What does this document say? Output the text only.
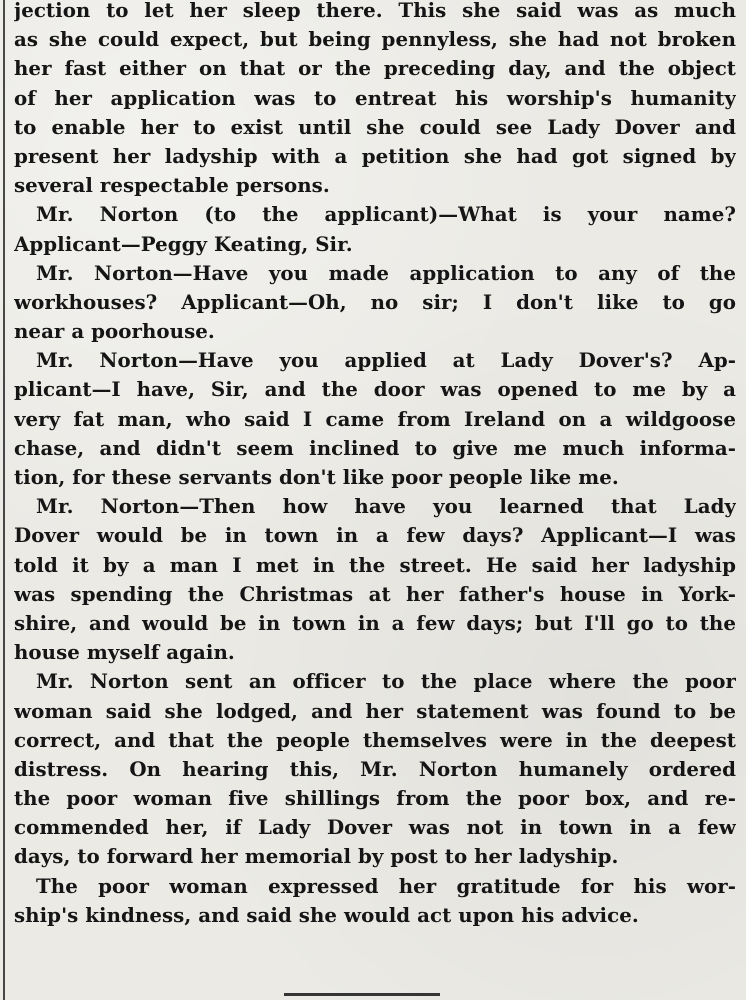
jection to let her sleep there. This she said was as much
as she could expect, but being pennyless, she had not broken
her fast either on that or the preceding day, and the object
of her application was to entreat his worship's humanity
to enable her to exist until she could see Lady Dover and
present her ladyship with a petition she had got signed by
several respectable persons.
Mr. Norton (to the applicant)—What is your name?
Applicant—Peggy Keating, Sir.
Mr. Norton—Have you made application to any of the
workhouses? Applicant—Oh, no sir; I don't like to go
near a poorhouse.
Mr. Norton—Have you applied at Lady Dover's? Ap-
plicant—I have, Sir, and the door was opened to me by a
very fat man, who said I came from Ireland on a wildgoose
chase, and didn't seem inclined to give me much informa-
tion, for these servants don't like poor people like me.
Mr. Norton—Then how have you learned that Lady
Dover would be in town in a few days? Applicant—I was
told it by a man I met in the street. He said her ladyship
was spending the Christmas at her father's house in York-
shire, and would be in town in a few days; but I'll go to the
house myself again.
Mr. Norton sent an officer to the place where the poor
woman said she lodged, and her statement was found to be
correct, and that the people themselves were in the deepest
distress. On hearing this, Mr. Norton humanely ordered
the poor woman five shillings from the poor box, and re-
commended her, if Lady Dover was not in town in a few
days, to forward her memorial by post to her ladyship.
The poor woman expressed her gratitude for his wor-
ship's kindness, and said she would act upon his advice.
